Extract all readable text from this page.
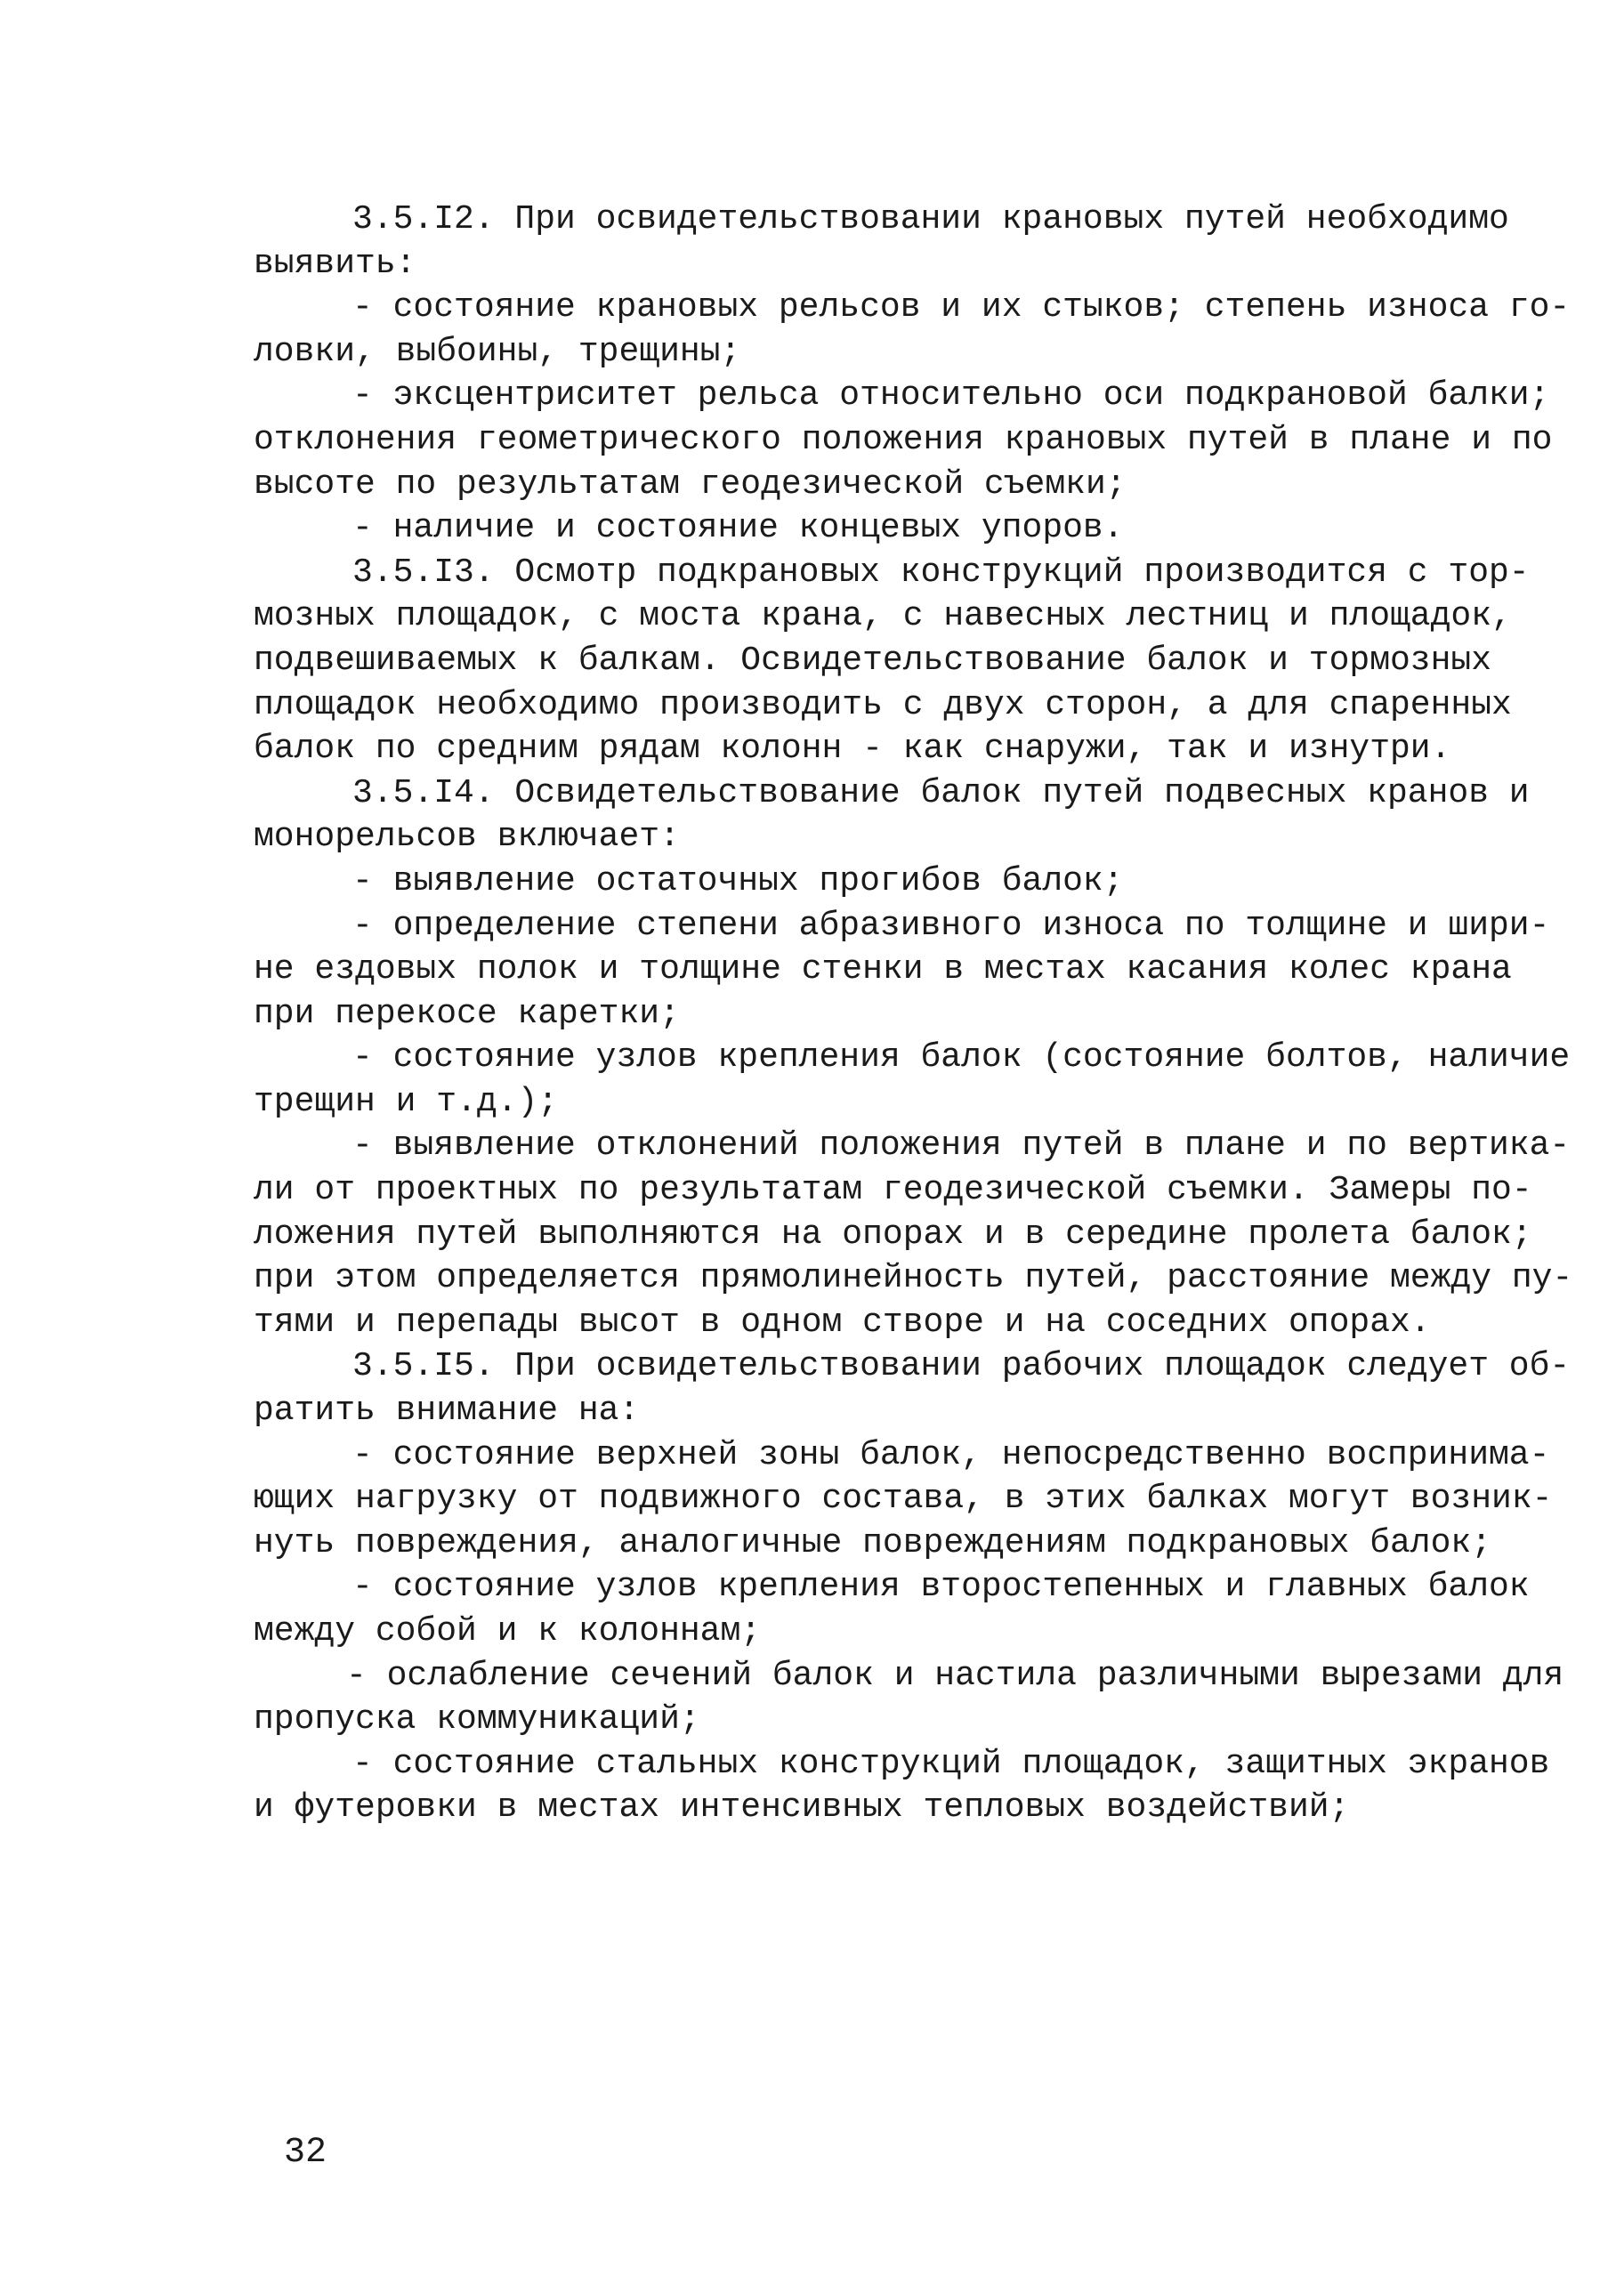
3.5.I2. При освидетельствовании крановых путей необходимо
выявить:
- состояние крановых рельсов и их стыков; степень износа го-
ловки, выбоины, трещины;
- эксцентриситет рельса относительно оси подкрановой балки;
отклонения геометрического положения крановых путей в плане и по
высоте по результатам геодезической съемки;
- наличие и состояние концевых упоров.
3.5.I3. Осмотр подкрановых конструкций производится с тор-
мозных площадок, с моста крана, с навесных лестниц и площадок,
подвешиваемых к балкам. Освидетельствование балок и тормозных
площадок необходимо производить с двух сторон, а для спаренных
балок по средним рядам колонн - как снаружи, так и изнутри.
3.5.I4. Освидетельствование балок путей подвесных кранов и
монорельсов включает:
- выявление остаточных прогибов балок;
- определение степени абразивного износа по толщине и шири-
не ездовых полок и толщине стенки в местах касания колес крана
при перекосе каретки;
- состояние узлов крепления балок (состояние болтов, наличие
трещин и т.д.);
- выявление отклонений положения путей в плане и по вертика-
ли от проектных по результатам геодезической съемки. Замеры по-
ложения путей выполняются на опорах и в середине пролета балок;
при этом определяется прямолинейность путей, расстояние между пу-
тями и перепады высот в одном створе и на соседних опорах.
3.5.I5. При освидетельствовании рабочих площадок следует об-
ратить внимание на:
- состояние верхней зоны балок, непосредственно воспринима-
ющих нагрузку от подвижного состава, в этих балках могут возник-
нуть повреждения, аналогичные повреждениям подкрановых балок;
- состояние узлов крепления второстепенных и главных балок
между собой и к колоннам;
- ослабление сечений балок и настила различными вырезами для
пропуска коммуникаций;
- состояние стальных конструкций площадок, защитных экранов
и футеровки в местах интенсивных тепловых воздействий;
32
